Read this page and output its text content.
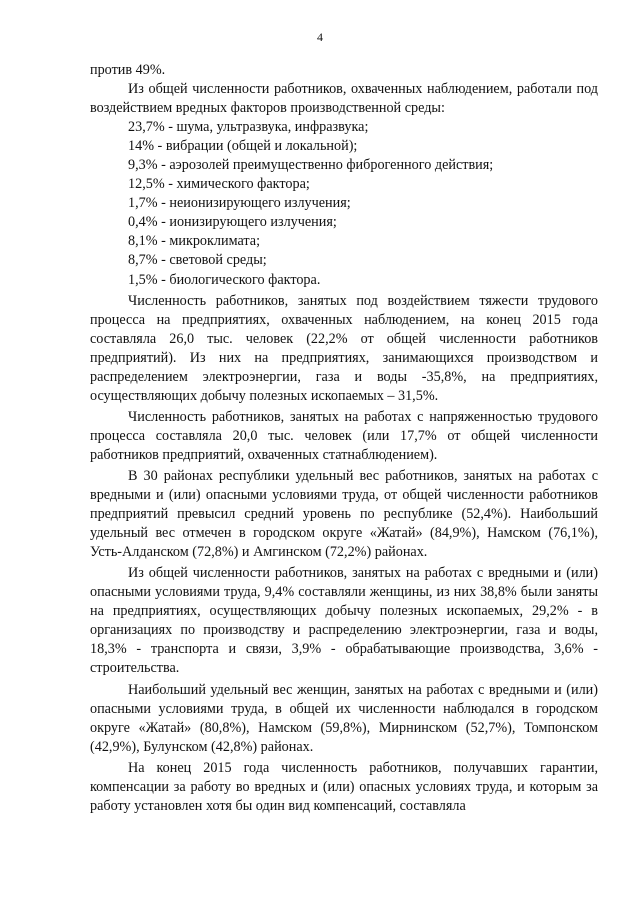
4

против 49%.

Из общей численности работников, охваченных наблюдением, работали под воздействием вредных факторов производственной среды:

23,7% - шума, ультразвука, инфразвука;

14% - вибрации (общей и локальной);

9,3% - аэрозолей преимущественно фиброгенного действия;

12,5% - химического фактора;

1,7% - неионизирующего излучения;

0,4% - ионизирующего излучения;

8,1% - микроклимата;

8,7% - световой среды;

1,5% - биологического фактора.

Численность работников, занятых под воздействием тяжести трудового процесса на предприятиях, охваченных наблюдением, на конец 2015 года составляла 26,0 тыс. человек (22,2% от общей численности работников предприятий). Из них на предприятиях, занимающихся производством и распределением электроэнергии, газа и воды -35,8%, на предприятиях, осуществляющих добычу полезных ископаемых – 31,5%.

Численность работников, занятых на работах с напряженностью трудового процесса составляла 20,0 тыс. человек (или 17,7% от общей численности работников предприятий, охваченных статнаблюдением).

В 30 районах республики удельный вес работников, занятых на работах с вредными и (или) опасными условиями труда, от общей численности работников предприятий превысил средний уровень по республике (52,4%). Наибольший удельный вес отмечен в городском округе «Жатай» (84,9%), Намском (76,1%), Усть-Алданском (72,8%) и Амгинском (72,2%) районах.

Из общей численности работников, занятых на работах с вредными и (или) опасными условиями труда, 9,4% составляли женщины, из них 38,8% были заняты на предприятиях, осуществляющих добычу полезных ископаемых, 29,2% - в организациях по производству и распределению электроэнергии, газа и воды, 18,3% - транспорта и связи, 3,9% - обрабатывающие производства, 3,6% - строительства.

Наибольший удельный вес женщин, занятых на работах с вредными и (или) опасными условиями труда, в общей их численности наблюдался в городском округе «Жатай» (80,8%), Намском (59,8%), Мирнинском (52,7%), Томпонском (42,9%), Булунском (42,8%) районах.

На конец 2015 года численность работников, получавших гарантии, компенсации за работу во вредных и (или) опасных условиях труда, и которым за работу установлен хотя бы один вид компенсаций, составляла
